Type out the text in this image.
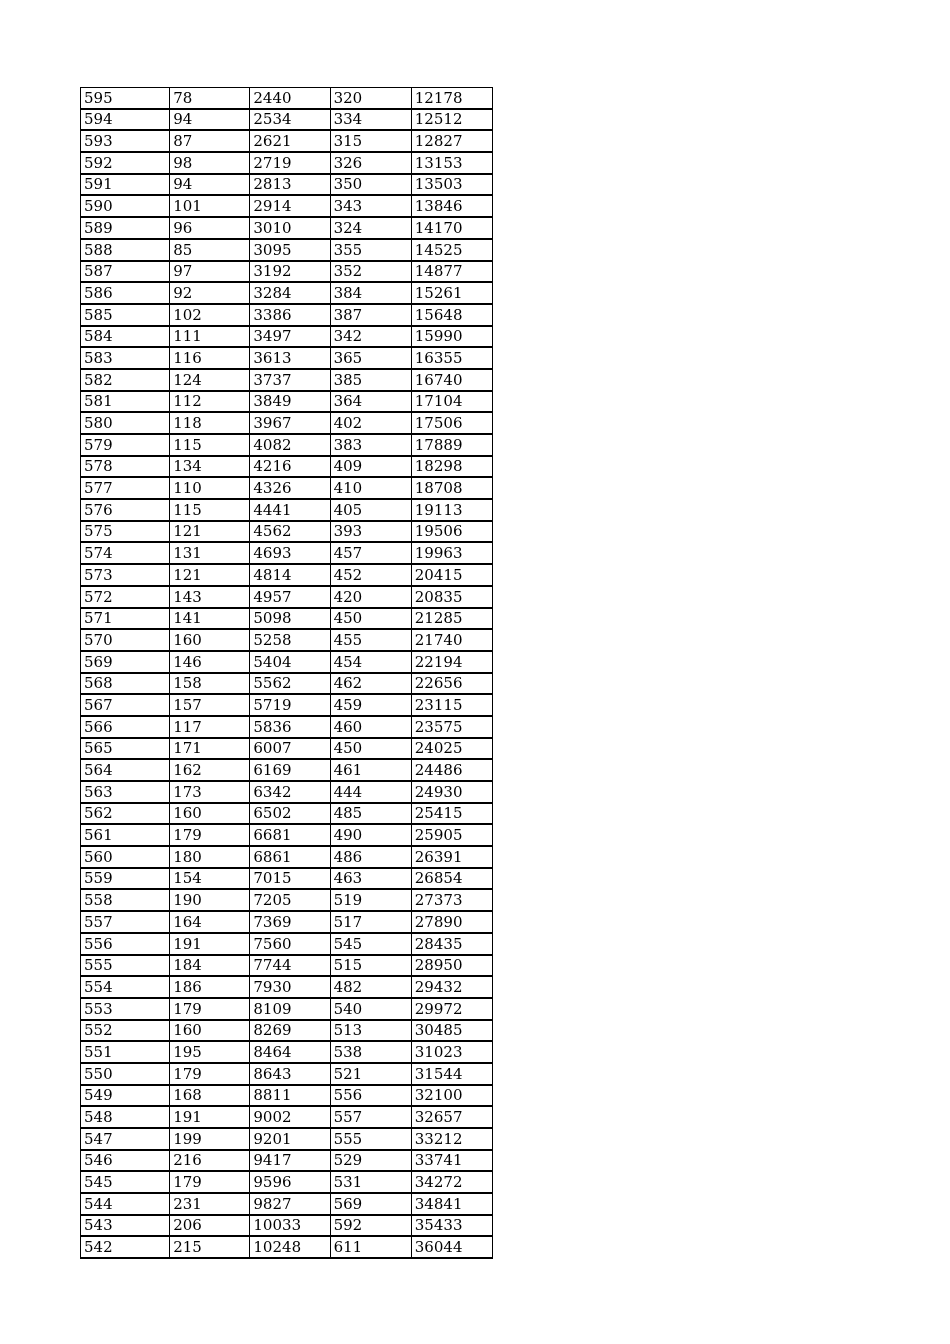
595	78	2440	320	12178
594	94	2534	334	12512
593	87	2621	315	12827
592	98	2719	326	13153
591	94	2813	350	13503
590	101	2914	343	13846
589	96	3010	324	14170
588	85	3095	355	14525
587	97	3192	352	14877
586	92	3284	384	15261
585	102	3386	387	15648
584	111	3497	342	15990
583	116	3613	365	16355
582	124	3737	385	16740
581	112	3849	364	17104
580	118	3967	402	17506
579	115	4082	383	17889
578	134	4216	409	18298
577	110	4326	410	18708
576	115	4441	405	19113
575	121	4562	393	19506
574	131	4693	457	19963
573	121	4814	452	20415
572	143	4957	420	20835
571	141	5098	450	21285
570	160	5258	455	21740
569	146	5404	454	22194
568	158	5562	462	22656
567	157	5719	459	23115
566	117	5836	460	23575
565	171	6007	450	24025
564	162	6169	461	24486
563	173	6342	444	24930
562	160	6502	485	25415
561	179	6681	490	25905
560	180	6861	486	26391
559	154	7015	463	26854
558	190	7205	519	27373
557	164	7369	517	27890
556	191	7560	545	28435
555	184	7744	515	28950
554	186	7930	482	29432
553	179	8109	540	29972
552	160	8269	513	30485
551	195	8464	538	31023
550	179	8643	521	31544
549	168	8811	556	32100
548	191	9002	557	32657
547	199	9201	555	33212
546	216	9417	529	33741
545	179	9596	531	34272
544	231	9827	569	34841
543	206	10033	592	35433
542	215	10248	611	36044
